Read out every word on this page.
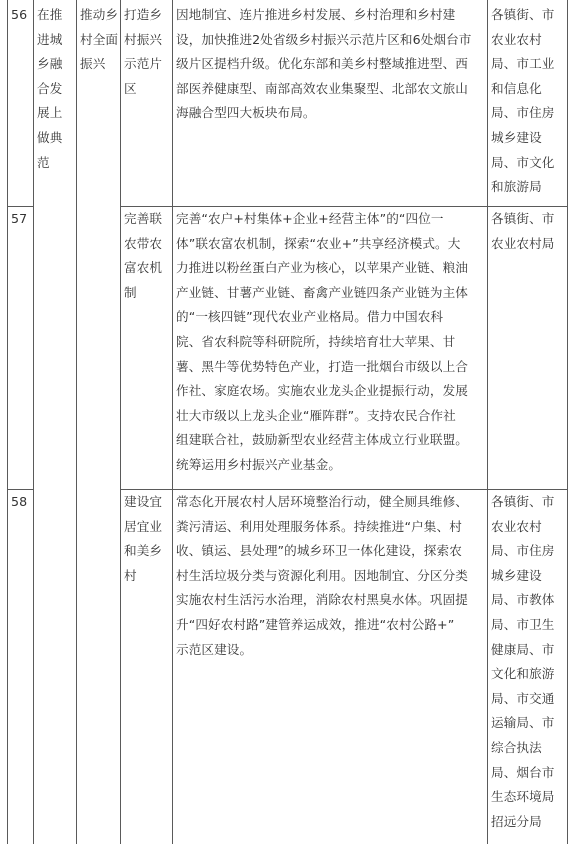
56 在推
进城
乡融
合发
展上
做典
范
推动乡
村全面
振兴
打造乡
村振兴
示范片
区
因地制宜、连片推进乡村发展、乡村治理和乡村建
设，加快推进2处省级乡村振兴示范片区和6处烟台市
级片区提档升级。优化东部和美乡村整域推进型、西
部医养健康型、南部高效农业集聚型、北部农文旅山
海融合型四大板块布局。
各镇街、市
农业农村
局、市工业
和信息化
局、市住房
城乡建设
局、市文化
和旅游局
57	完善联
农带农
富农机
制
完善“农户+村集体+企业+经营主体”的“四位一
体”联农富农机制，探索“农业+”共享经济模式。大
力推进以粉丝蛋白产业为核心，以苹果产业链、粮油
产业链、甘薯产业链、畜禽产业链四条产业链为主体
的“一核四链”现代农业产业格局。借力中国农科
院、省农科院等科研院所，持续培育壮大苹果、甘
薯、黑牛等优势特色产业，打造一批烟台市级以上合
作社、家庭农场。实施农业龙头企业提振行动，发展
壮大市级以上龙头企业“雁阵群”。支持农民合作社
组建联合社，鼓励新型农业经营主体成立行业联盟。
统筹运用乡村振兴产业基金。
各镇街、市
农业农村局
58	建设宜
居宜业
和美乡
村
常态化开展农村人居环境整治行动，健全厕具维修、
粪污清运、利用处理服务体系。持续推进“户集、村
收、镇运、县处理”的城乡环卫一体化建设，探索农
村生活垃圾分类与资源化利用。因地制宜、分区分类
实施农村生活污水治理，消除农村黑臭水体。巩固提
升“四好农村路”建管养运成效，推进“农村公路+”
示范区建设。
各镇街、市
农业农村
局、市住房
城乡建设
局、市教体
局、市卫生
健康局、市
文化和旅游
局、市交通
运输局、市
综合执法
局、烟台市
生态环境局
招远分局
